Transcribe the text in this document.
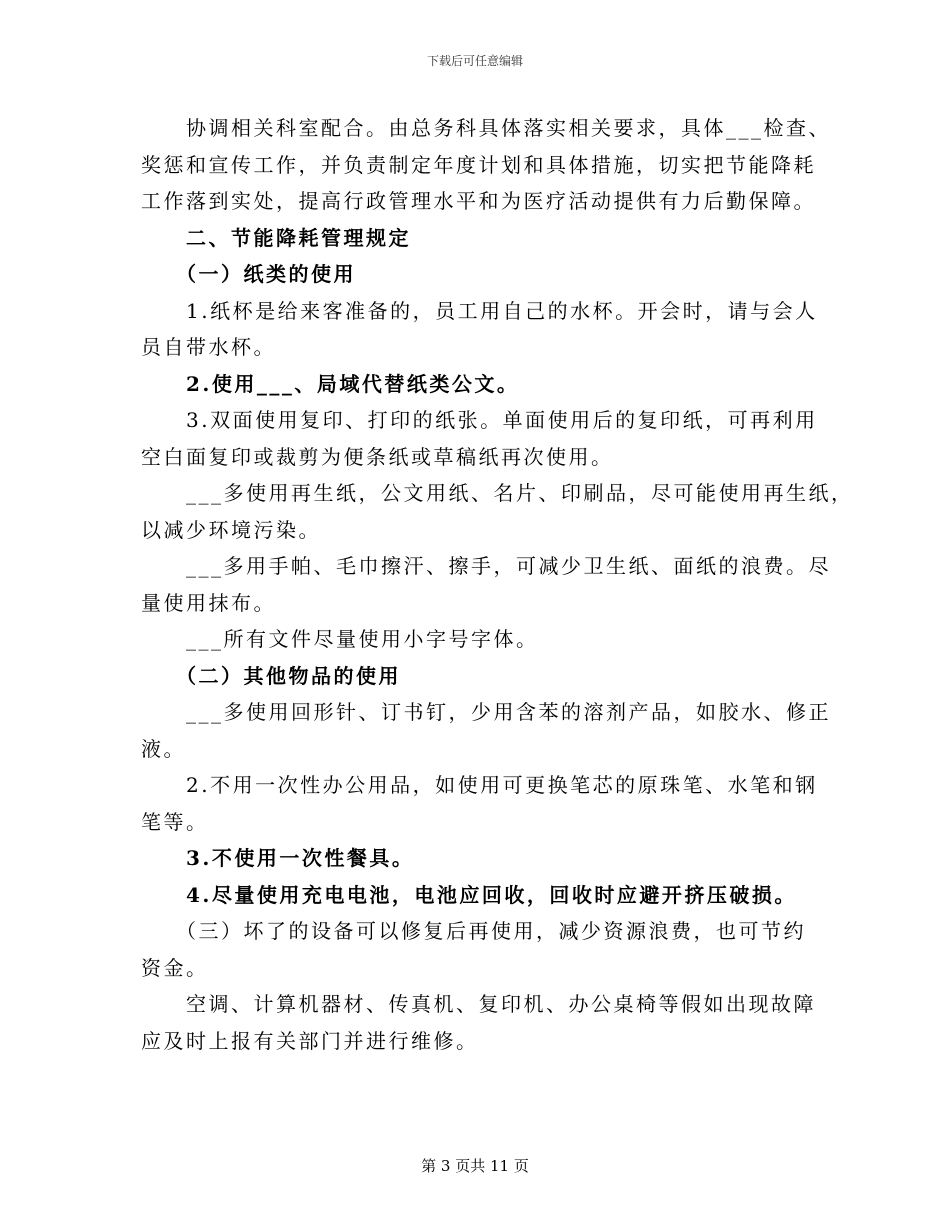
下载后可任意编辑
　　协调相关科室配合。由总务科具体落实相关要求，具体___检查、
奖惩和宣传工作，并负责制定年度计划和具体措施，切实把节能降耗
工作落到实处，提高行政管理水平和为医疗活动提供有力后勤保障。
　　二、节能降耗管理规定
　　（一）纸类的使用
　　1.纸杯是给来客准备的，员工用自己的水杯。开会时，请与会人
员自带水杯。
　　2.使用___、局域代替纸类公文。
　　3.双面使用复印、打印的纸张。单面使用后的复印纸，可再利用
空白面复印或裁剪为便条纸或草稿纸再次使用。
　　___多使用再生纸，公文用纸、名片、印刷品，尽可能使用再生纸，
以减少环境污染。
　　___多用手帕、毛巾擦汗、擦手，可减少卫生纸、面纸的浪费。尽
量使用抹布。
　　___所有文件尽量使用小字号字体。
　　（二）其他物品的使用
　　___多使用回形针、订书钉，少用含苯的溶剂产品，如胶水、修正
液。
　　2.不用一次性办公用品，如使用可更换笔芯的原珠笔、水笔和钢
笔等。
　　3.不使用一次性餐具。
　　4.尽量使用充电电池，电池应回收，回收时应避开挤压破损。
　　（三）坏了的设备可以修复后再使用，减少资源浪费，也可节约
资金。
　　空调、计算机器材、传真机、复印机、办公桌椅等假如出现故障
应及时上报有关部门并进行维修。
第 3 页共 11 页
